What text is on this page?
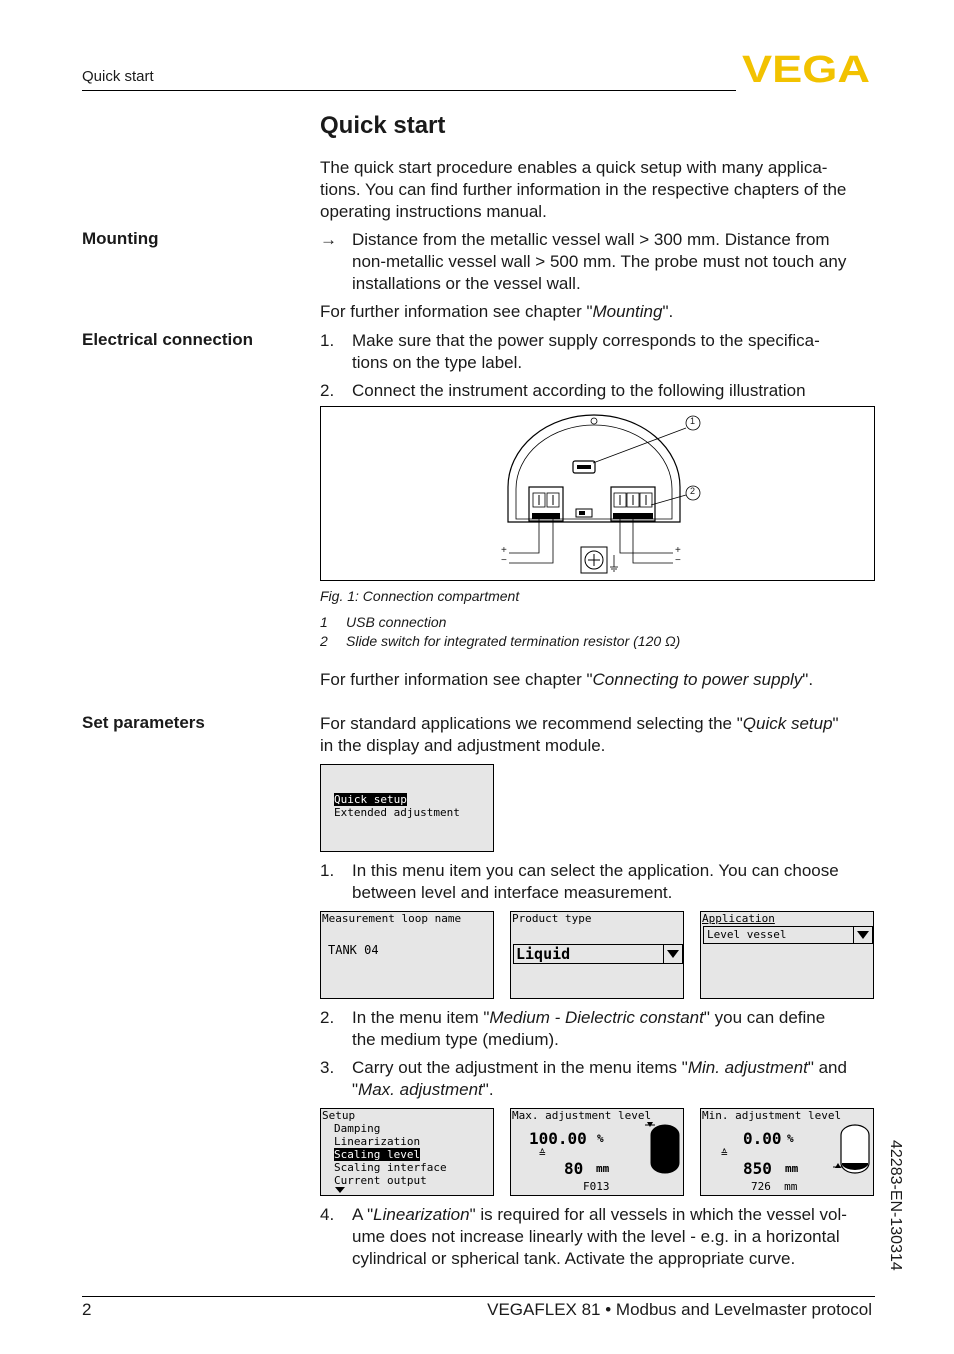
Quick start	VEGA
Quick start
The quick start procedure enables a quick setup with many applica-
tions. You can find further information in the respective chapters of the
operating instructions manual.
Mounting	→ Distance from the metallic vessel wall > 300 mm. Distance from
non-metallic vessel wall > 500 mm. The probe must not touch any
installations or the vessel wall.
For further information see chapter "Mounting".
Electrical connection	1. Make sure that the power supply corresponds to the specifica-
tions on the type label.
2. Connect the instrument according to the following illustration
1
2
+
−
+
−
Fig. 1: Connection compartment
1 USB connection
2 Slide switch for integrated termination resistor (120 Ω)
For further information see chapter "Connecting to power supply".
Set parameters	For standard applications we recommend selecting the "Quick setup"
in the display and adjustment module.
Quick setup
Extended adjustment
1. In this menu item you can select the application. You can choose
between level and interface measurement.
Measurement loop name
TANK 04
Product type
Liquid
Application
Level vessel
2. In the menu item "Medium - Dielectric constant" you can define
the medium type (medium).
3. Carry out the adjustment in the menu items "Min. adjustment" and
"Max. adjustment".
Setup
Damping
Linearization
Scaling level
Scaling interface
Current output
Max. adjustment level
100.00 %
≙
80 mm
F013
Min. adjustment level
0.00 %
≙
850 mm
726  mm
4. A "Linearization" is required for all vessels in which the vessel vol-
ume does not increase linearly with the level - e.g. in a horizontal
cylindrical or spherical tank. Activate the appropriate curve.	42283-EN-130314
2	VEGAFLEX 81 • Modbus and Levelmaster protocol
